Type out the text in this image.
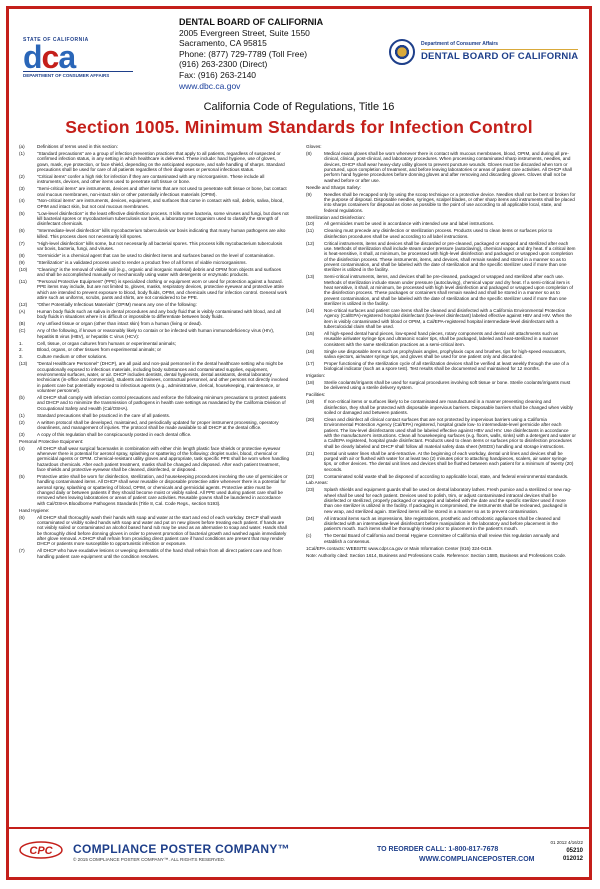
STATE OF CALIFORNIA
dca
DEPARTMENT OF CONSUMER AFFAIRS
DENTAL BOARD OF CALIFORNIA
2005 Evergreen Street, Suite 1550
Sacramento, CA 95815
Phone: (877) 729-7789 (Toll Free)
(916) 263-2300 (Direct)
Fax: (916) 263-2140
www.dbc.ca.gov
Department of Consumer Affairs
DENTAL BOARD OF CALIFORNIA
California Code of Regulations, Title 16
Section 1005. Minimum Standards for Infection Control
(a)	Definitions of terms used in this section:
(1)	“Standard precautions” are a group of infection prevention practices that apply to all patients, regardless of suspected or confirmed infection status, in any setting in which healthcare is delivered. These include: hand hygiene, use of gloves, gown, mask, eye protection, or face shield, depending on the anticipated exposure, and safe handling of sharps. Standard precautions shall be used for care of all patients regardless of their diagnoses or personal infectious status.
(2)	“Critical items” confer a high risk for infection if they are contaminated with any microorganism. These include all instruments, devices, and other items used to penetrate soft tissue or bone.
(3)	“Semi-critical items” are instruments, devices and other items that are not used to penetrate soft tissue or bone, but contact oral mucous membranes, non-intact skin or other potentially infectious materials (OPIM).
(4)	“Non-critical items” are instruments, devices, equipment, and surfaces that come in contact with soil, debris, saliva, blood, OPIM and intact skin, but not oral mucous membranes.
(5)	“Low-level disinfection” is the least effective disinfection process. It kills some bacteria, some viruses and fungi, but does not kill bacterial spores or mycobacterium tuberculosis var bovis, a laboratory test organism used to classify the strength of disinfectant chemicals.
(6)	“Intermediate-level disinfection” kills mycobacterium tuberculosis var bovis indicating that many human pathogens are also killed. This process does not necessarily kill spores.
(7)	“High-level disinfection” kills some, but not necessarily all bacterial spores. This process kills mycobacterium tuberculosis var bovis, bacteria, fungi, and viruses.
(8)	“Germicide” is a chemical agent that can be used to disinfect items and surfaces based on the level of contamination.
(9)	“Sterilization” is a validated process used to render a product free of all forms of viable microorganisms.
(10)	“Cleaning” is the removal of visible soil (e.g., organic and inorganic material) debris and OPIM from objects and surfaces and shall be accomplished manually or mechanically using water with detergents or enzymatic products.
(11)	“Personal Protective Equipment” (PPE) is specialized clothing or equipment worn or used for protection against a hazard. PPE items may include, but are not limited to, gloves, masks, respiratory devices, protective eyewear and protective attire which are intended to prevent exposure to blood, body fluids, OPIM, and chemicals used for infection control. General work attire such as uniforms, scrubs, pants and shirts, are not considered to be PPE.
(12)	“Other Potentially Infectious Materials” (OPIM) means any one of the following:
(A)	Human body fluids such as saliva in dental procedures and any body fluid that is visibly contaminated with blood, and all body fluids in situations where it is difficult or impossible to differentiate between body fluids.
(B)	Any unfixed tissue or organ (other than intact skin) from a human (living or dead).
(C)	Any of the following, if known or reasonably likely to contain or be infected with human immunodeficiency virus (HIV), hepatitis B virus (HBV), or hepatitis C virus (HCV):
1.	Cell, tissue, or organ cultures from humans or experimental animals;
2.	Blood, organs, or other tissues from experimental animals; or
3.	Culture medium or other solutions.
(13)	“Dental Healthcare Personnel” (DHCP), are all paid and non-paid personnel in the dental healthcare setting who might be occupationally exposed to infectious materials, including body substances and contaminated supplies, equipment, environmental surfaces, water, or air. DHCP includes dentists, dental hygienists, dental assistants, dental laboratory technicians (in-office and commercial), students and trainees, contractual personnel, and other persons not directly involved in patient care but potentially exposed to infectious agents (e.g., administrative, clerical, housekeeping, maintenance, or volunteer personnel).
(b)	All DHCP shall comply with infection control precautions and enforce the following minimum precautions to protect patients and DHCP and to minimize the transmission of pathogens in health care settings as mandated by the California Division of Occupational Safety and Health (Cal/OSHA).
(1)	Standard precautions shall be practiced in the care of all patients.
(2)	A written protocol shall be developed, maintained, and periodically updated for proper instrument processing, operatory cleanliness, and management of injuries. The protocol shall be made available to all DHCP at the dental office.
(3)	A copy of this regulation shall be conspicuously posted in each dental office.
Personal Protective Equipment:
(4)	All DHCP shall wear surgical facemasks in combination with either chin length plastic face shields or protective eyewear whenever there is potential for aerosol spray, splashing or spattering of the following: droplet nuclei, blood, chemical or germicidal agents or OPIM. Chemical-resistant utility gloves and appropriate, task specific PPE shall be worn when handling hazardous chemicals. After each patient treatment, masks shall be changed and disposed. After each patient treatment, face shields and protective eyewear shall be cleaned, disinfected, or disposed.
(5)	Protective attire shall be worn for disinfection, sterilization, and housekeeping procedures involving the use of germicides or handling contaminated items. All DHCP shall wear reusable or disposable protective attire whenever there is a potential for aerosol spray, splashing or spattering of blood, OPIM, or chemicals and germicidal agents. Protective attire must be changed daily or between patients if they should become moist or visibly soiled. All PPE used during patient care shall be removed when leaving laboratories or areas of patient care activities. Reusable gowns shall be laundered in accordance with Cal/OSHA Bloodborne Pathogens Standards (Title 8, Cal. Code Regs., section 5193).
Hand Hygiene:
(6)	All DHCP shall thoroughly wash their hands with soap and water at the start and end of each workday. DHCP shall wash contaminated or visibly soiled hands with soap and water and put on new gloves before treating each patient. If hands are not visibly soiled or contaminated an alcohol based hand rub may be used as an alternative to soap and water. Hands shall be thoroughly dried before donning gloves in order to prevent promotion of bacterial growth and washed again immediately after glove removal. A DHCP shall refrain from providing direct patient care if hand conditions are present that may render DHCP or patients more susceptible to opportunistic infection or exposure.
(7)	All DHCP who have exudative lesions or weeping dermatitis of the hand shall refrain from all direct patient care and from handling patient care equipment until the condition resolves.
Gloves:
(8)	Medical exam gloves shall be worn whenever there is contact with mucous membranes, blood, OPIM, and during all pre-clinical, clinical, post-clinical, and laboratory procedures. When processing contaminated sharp instruments, needles, and devices, DHCP shall wear heavy-duty utility gloves to prevent puncture wounds. Gloves must be discarded when torn or punctured, upon completion of treatment, and before leaving laboratories or areas of patient care activities. All DHCP shall perform hand hygiene procedures before donning gloves and after removing and discarding gloves. Gloves shall not be washed before or after use.
Needle and Sharps Safety:
(9)	Needles shall be recapped only by using the scoop technique or a protective device. Needles shall not be bent or broken for the purpose of disposal. Disposable needles, syringes, scalpel blades, or other sharp items and instruments shall be placed into sharps containers for disposal as close as possible to the point of use according to all applicable local, state, and federal regulations.
Sterilization and Disinfection:
(10)	All germicides must be used in accordance with intended use and label instructions.
(11)	Cleaning must precede any disinfection or sterilization process. Products used to clean items or surfaces prior to disinfection procedures shall be used according to all label instructions.
(12)	Critical instruments, items and devices shall be discarded or pre-cleaned, packaged or wrapped and sterilized after each use. Methods of sterilization shall include steam under pressure (autoclaving), chemical vapor, and dry heat. If a critical item is heat-sensitive, it shall, at minimum, be processed with high-level disinfection and packaged or wrapped upon completion of the disinfection process. These instruments, items, and devices, shall remain sealed and stored in a manner so as to prevent contamination, and shall be labeled with the date of sterilization and the specific sterilizer used if more than one sterilizer is utilized in the facility.
(13)	Semi-critical instruments, items, and devices shall be pre-cleaned, packaged or wrapped and sterilized after each use. Methods of sterilization include steam under pressure (autoclaving), chemical vapor and dry heat. If a semi-critical item is heat sensitive, it shall, at minimum, be processed with high level disinfection and packaged or wrapped upon completion of the disinfection process. These packages or containers shall remain sealed and shall be stored in a manner so as to prevent contamination, and shall be labeled with the date of sterilization and the specific sterilizer used if more than one sterilizer is utilized in the facility.
(14)	Non-critical surfaces and patient care items shall be cleaned and disinfected with a California Environmental Protection Agency (Cal/EPA)-registered hospital disinfectant (low-level disinfectant) labeled effective against HBV and HIV. When the item is visibly contaminated with blood or OPIM, a Cal/EPA-registered hospital intermediate-level disinfectant with a tuberculocidal claim shall be used.
(15)	All high-speed dental hand pieces, low-speed hand pieces, rotary components and dental unit attachments such as reusable air/water syringe tips and ultrasonic scaler tips, shall be packaged, labeled and heat-sterilized in a manner consistent with the same sterilization practices as a semi-critical item.
(16)	Single use disposable items such as prophylaxis angles, prophylaxis cups and brushes, tips for high-speed evacuators, saliva ejectors, air/water syringe tips, and gloves shall be used for one patient only and discarded.
(17)	Proper functioning of the sterilization cycle of all sterilization devices shall be verified at least weekly through the use of a biological indicator (such as a spore test). Test results shall be documented and maintained for 12 months.
Irrigation:
(18)	Sterile coolants/irrigants shall be used for surgical procedures involving soft tissue or bone. Sterile coolants/irrigants must be delivered using a sterile delivery system.
Facilities:
(19)	If non-critical items or surfaces likely to be contaminated are manufactured in a manner preventing cleaning and disinfection, they shall be protected with disposable impervious barriers. Disposable barriers shall be changed when visibly soiled or damaged and between patients.
(20)	Clean and disinfect all clinical contact surfaces that are not protected by impervious barriers using a California Environmental Protection Agency (Cal/EPA) registered, hospital grade low- to intermediate-level germicide after each patient. The low-level disinfectants used shall be labeled effective against HBV and HIV. Use disinfectants in accordance with the manufacturer's instructions. Clean all housekeeping surfaces (e.g. floors, walls, sinks) with a detergent and water or a Cal/EPA registered, hospital grade disinfectant. Products used to clean items or surfaces prior to disinfection procedures shall be clearly labeled and DHCP shall follow all material safety data sheet (MSDS) handling and storage instructions.
(21)	Dental unit water lines shall be anti-retractive. At the beginning of each workday, dental unit lines and devices shall be purged with air or flushed with water for at least two (2) minutes prior to attaching handpieces, scalers, air water syringe tips, or other devices. The dental unit lines and devices shall be flushed between each patient for a minimum of twenty (20) seconds.
(22)	Contaminated solid waste shall be disposed of according to applicable local, state, and federal environmental standards.
Lab Areas:
(23)	Splash shields and equipment guards shall be used on dental laboratory lathes. Fresh pumice and a sterilized or new rag-wheel shall be used for each patient. Devices used to polish, trim, or adjust contaminated intraoral devices shall be disinfected or sterilized, properly packaged or wrapped and labeled with the date and the specific sterilizer used if more than one sterilizer is utilized in the facility. If packaging is compromised, the instruments shall be recleaned, packaged in new wrap, and sterilized again. Sterilized items will be stored in a manner so as to prevent contamination.
(24)	All intraoral items such as impressions, bite registrations, prosthetic and orthodontic appliances shall be cleaned and disinfected with an intermediate-level disinfectant before manipulation in the laboratory and before placement in the patient's mouth. Such items shall be thoroughly rinsed prior to placement in the patient's mouth.
(c)	The Dental Board of California and Dental Hygiene Committee of California shall review this regulation annually and establish a consensus.
1Cal/EPA contacts: WEBSITE www.cdpr.ca.gov or Main Information Center (916) 324-0419.
Note: Authority cited: Section 1614, Business and Professions Code. Reference: Section 1680, Business and Professions Code.
CPC COMPLIANCE POSTER COMPANY™
© 2015 COMPLIANCE POSTER COMPANY™. ALL RIGHTS RESERVED.
TO REORDER CALL: 1-800-817-7678
WWW.COMPLIANCEPOSTER.COM
01 2012 4/16/22
05210
012012
